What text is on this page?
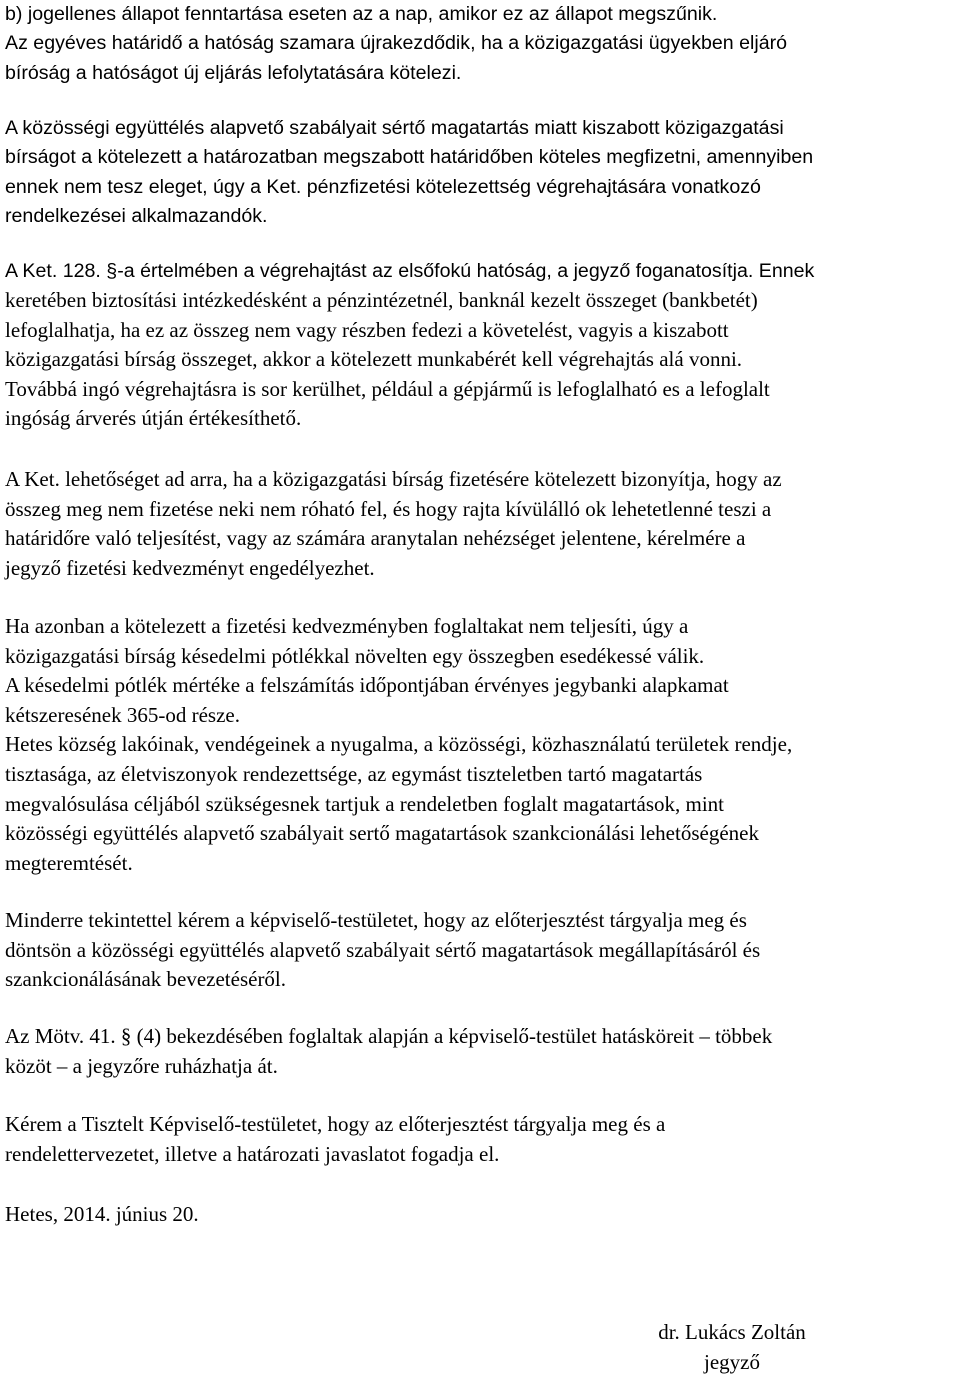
b) jogellenes állapot fenntartása eseten az a nap, amikor ez az állapot megszűnik.
Az egyéves határidő a hatóság szamara újrakezdődik, ha a közigazgatási ügyekben eljáró
bíróság a hatóságot új eljárás lefolytatására kötelezi.
A közösségi együttélés alapvető szabályait sértő magatartás miatt kiszabott közigazgatási
bírságot a kötelezett a határozatban megszabott határidőben köteles megfizetni, amennyiben
ennek nem tesz eleget, úgy a Ket. pénzfizetési kötelezettség végrehajtására vonatkozó
rendelkezései alkalmazandók.
A Ket. 128. §-a értelmében a végrehajtást az elsőfokú hatóság, a jegyző foganatosítja. Ennek
keretében biztosítási intézkedésként a pénzintézetnél, banknál kezelt összeget (bankbetét)
lefoglalhatja, ha ez az összeg nem vagy részben fedezi a követelést, vagyis a kiszabott
közigazgatási bírság összeget, akkor a kötelezett munkabérét kell végrehajtás alá vonni.
Továbbá ingó végrehajtásra is sor kerülhet, például a gépjármű is lefoglalható es a lefoglalt
ingóság árverés útján értékesíthető.
A Ket. lehetőséget ad arra, ha a közigazgatási bírság fizetésére kötelezett bizonyítja, hogy az
összeg meg nem fizetése neki nem róható fel, és hogy rajta kívülálló ok lehetetlenné teszi a
határidőre való teljesítést, vagy az számára aranytalan nehézséget jelentene, kérelmére a
jegyző fizetési kedvezményt engedélyezhet.
Ha azonban a kötelezett a fizetési kedvezményben foglaltakat nem teljesíti, úgy a
közigazgatási bírság késedelmi pótlékkal növelten egy összegben esedékessé válik.
A késedelmi pótlék mértéke a felszámítás időpontjában érvényes jegybanki alapkamat
kétszeresének 365-od része.
Hetes község lakóinak, vendégeinek a nyugalma, a közösségi, közhasználatú területek rendje,
tisztasága, az életviszonyok rendezettsége, az egymást tiszteletben tartó magatartás
megvalósulása céljából szükségesnek tartjuk a rendeletben foglalt magatartások, mint
közösségi együttélés alapvető szabályait sertő magatartások szankcionálási lehetőségének
megteremtését.
Minderre tekintettel kérem a képviselő-testületet, hogy az előterjesztést tárgyalja meg és
döntsön a közösségi együttélés alapvető szabályait sértő magatartások megállapításáról és
szankcionálásának bevezetéséről.
Az Mötv. 41. § (4) bekezdésében foglaltak alapján a képviselő-testület hatásköreit – többek
közöt – a jegyzőre ruházhatja át.
Kérem a Tisztelt Képviselő-testületet, hogy az előterjesztést tárgyalja meg és a
rendelettervezetet, illetve a határozati javaslatot fogadja el.
Hetes, 2014. június 20.
dr. Lukács Zoltán
jegyző
